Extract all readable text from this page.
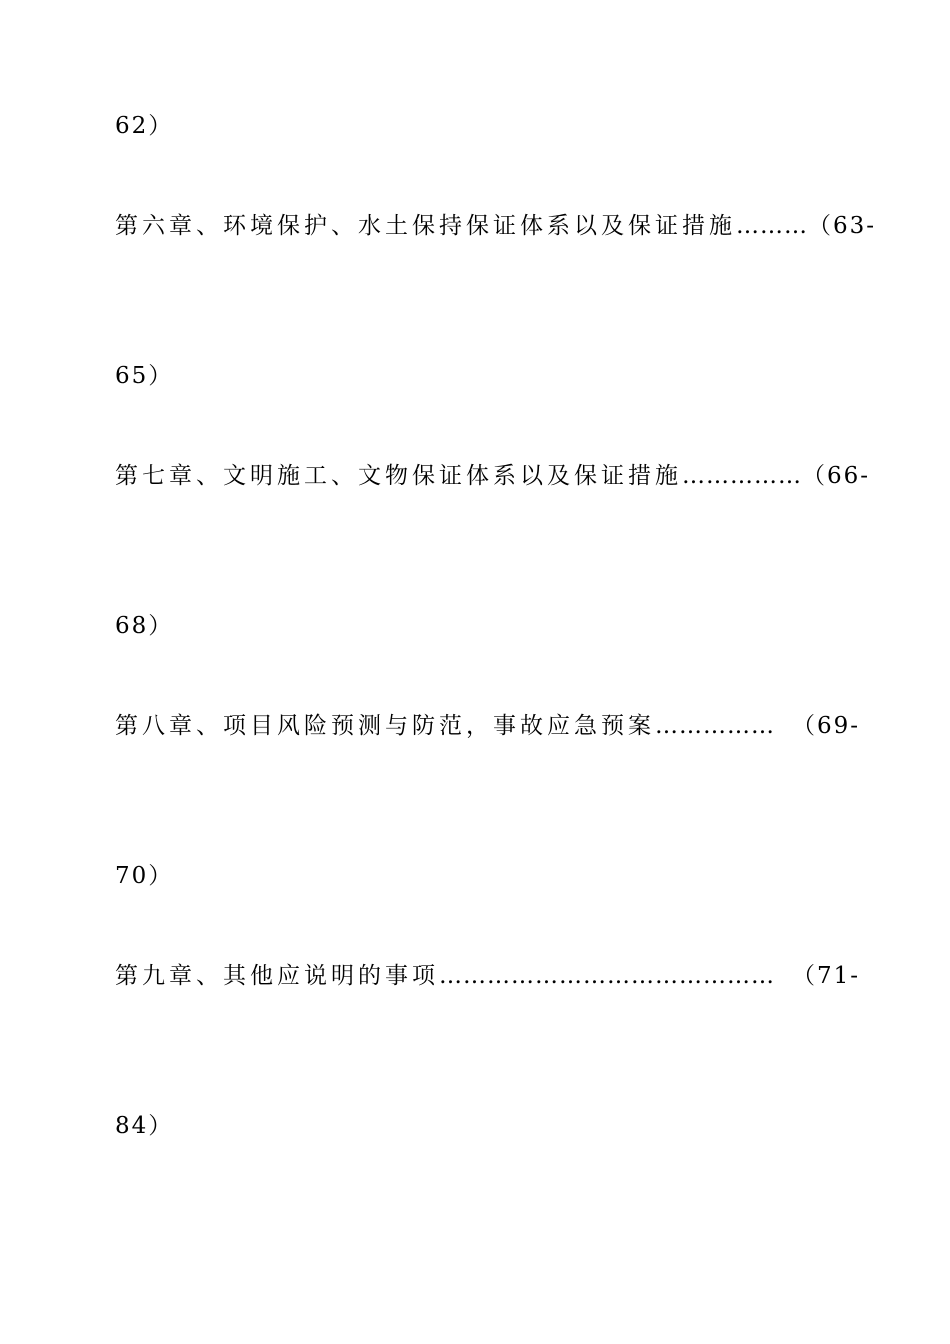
62）
第六章、环境保护、水土保持保证体系以及保证措施 ……… （63-
65）
第七章、文明施工、文物保证体系以及保证措施 …………… （66-
68）
第八章、项目风险预测与防范，事故应急预案 …………… （69-
70）
第九章、其他应说明的事项 …………………………………… （71-
84）
